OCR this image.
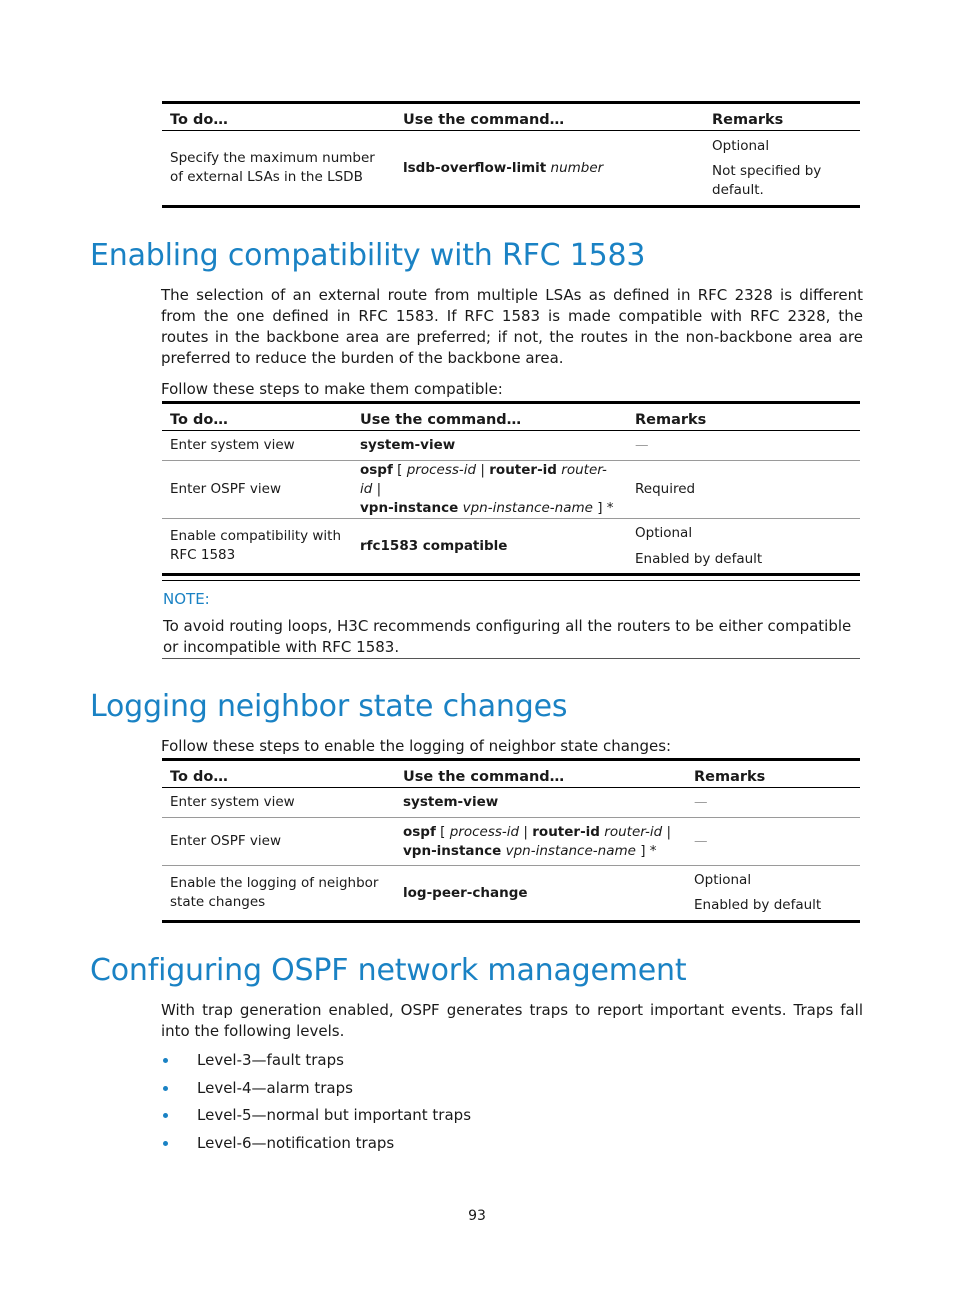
To do…	Use the command…	Remarks
Specify the maximum number of external LSAs in the LSDB	lsdb-overflow-limit number	Optional

Not specified by default.

Enabling compatibility with RFC 1583

The selection of an external route from multiple LSAs as defined in RFC 2328 is different from the one defined in RFC 1583. If RFC 1583 is made compatible with RFC 2328, the routes in the backbone area are preferred; if not, the routes in the non-backbone area are preferred to reduce the burden of the backbone area.

Follow these steps to make them compatible:

To do…	Use the command…	Remarks
Enter system view	system-view	—
Enter OSPF view	ospf [ process-id | router-id router-id |
vpn-instance vpn-instance-name ] *	Required
Enable compatibility with RFC 1583	rfc1583 compatible	Optional

Enabled by default

NOTE:

To avoid routing loops, H3C recommends configuring all the routers to be either compatible or incompatible with RFC 1583.

Logging neighbor state changes

Follow these steps to enable the logging of neighbor state changes:

To do…	Use the command…	Remarks
Enter system view	system-view	—
Enter OSPF view	ospf [ process-id | router-id router-id |
vpn-instance vpn-instance-name ] *	—
Enable the logging of neighbor state changes	log-peer-change	Optional

Enabled by default

Configuring OSPF network management

With trap generation enabled, OSPF generates traps to report important events. Traps fall into the following levels.

Level-3—fault traps
Level-4—alarm traps
Level-5—normal but important traps
Level-6—notification traps
93
